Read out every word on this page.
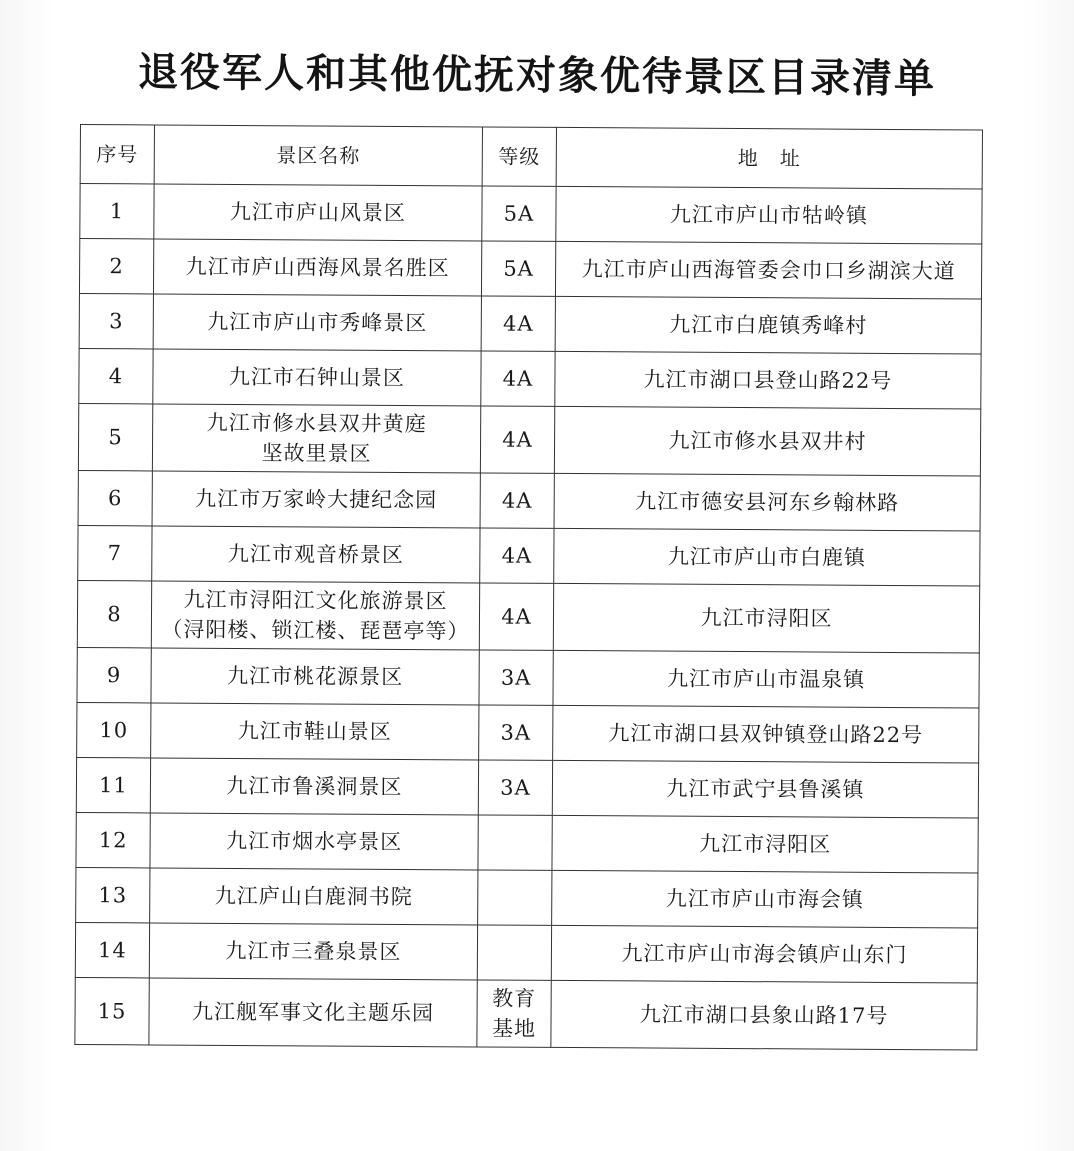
退役军人和其他优抚对象优待景区目录清单
序号	景区名称	等级	地　址
1	九江市庐山风景区	5A	九江市庐山市牯岭镇
2	九江市庐山西海风景名胜区	5A	九江市庐山西海管委会巾口乡湖滨大道
3	九江市庐山市秀峰景区	4A	九江市白鹿镇秀峰村
4	九江市石钟山景区	4A	九江市湖口县登山路22号
5	九江市修水县双井黄庭
坚故里景区	4A	九江市修水县双井村
6	九江市万家岭大捷纪念园	4A	九江市德安县河东乡翰林路
7	九江市观音桥景区	4A	九江市庐山市白鹿镇
8	九江市浔阳江文化旅游景区
（浔阳楼、锁江楼、琵琶亭等）	4A	九江市浔阳区
9	九江市桃花源景区	3A	九江市庐山市温泉镇
10	九江市鞋山景区	3A	九江市湖口县双钟镇登山路22号
11	九江市鲁溪洞景区	3A	九江市武宁县鲁溪镇
12	九江市烟水亭景区		九江市浔阳区
13	九江庐山白鹿洞书院		九江市庐山市海会镇
14	九江市三叠泉景区		九江市庐山市海会镇庐山东门
15	九江舰军事文化主题乐园	教育
基地	九江市湖口县象山路17号
